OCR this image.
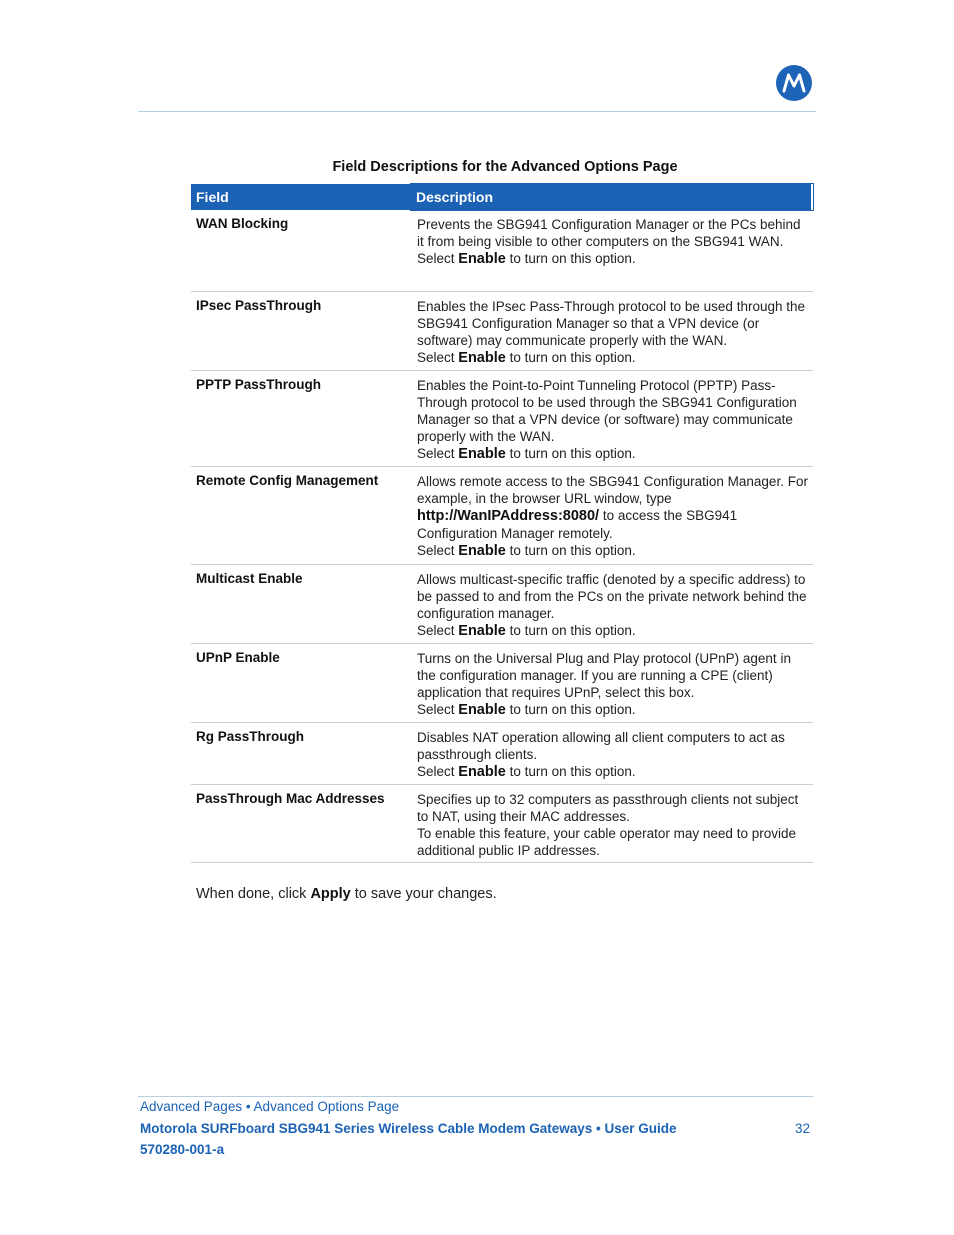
Field Descriptions for the Advanced Options Page
Field	Description
WAN Blocking	Prevents the SBG941 Configuration Manager or the PCs behind it from being visible to other computers on the SBG941 WAN.

Select Enable to turn on this option.

IPsec PassThrough	Enables the IPsec Pass-Through protocol to be used through the SBG941 Configuration Manager so that a VPN device (or software) may communicate properly with the WAN.

Select Enable to turn on this option.

PPTP PassThrough	Enables the Point-to-Point Tunneling Protocol (PPTP) Pass-Through protocol to be used through the SBG941 Configuration Manager so that a VPN device (or software) may communicate properly with the WAN.

Select Enable to turn on this option.

Remote Config Management	Allows remote access to the SBG941 Configuration Manager. For example, in the browser URL window, type

http://WanIPAddress:8080/ to access the SBG941 Configuration Manager remotely.

Select Enable to turn on this option.

Multicast Enable	Allows multicast-specific traffic (denoted by a specific address) to be passed to and from the PCs on the private network behind the configuration manager.

Select Enable to turn on this option.

UPnP Enable	Turns on the Universal Plug and Play protocol (UPnP) agent in the configuration manager. If you are running a CPE (client) application that requires UPnP, select this box.

Select Enable to turn on this option.

Rg PassThrough	Disables NAT operation allowing all client computers to act as passthrough clients.

Select Enable to turn on this option.

PassThrough Mac Addresses	Specifies up to 32 computers as passthrough clients not subject to NAT, using their MAC addresses.

To enable this feature, your cable operator may need to provide additional public IP addresses.

When done, click Apply to save your changes.
Advanced Pages • Advanced Options Page
Motorola SURFboard SBG941 Series Wireless Cable Modem Gateways • User Guide	32
570280-001-a
